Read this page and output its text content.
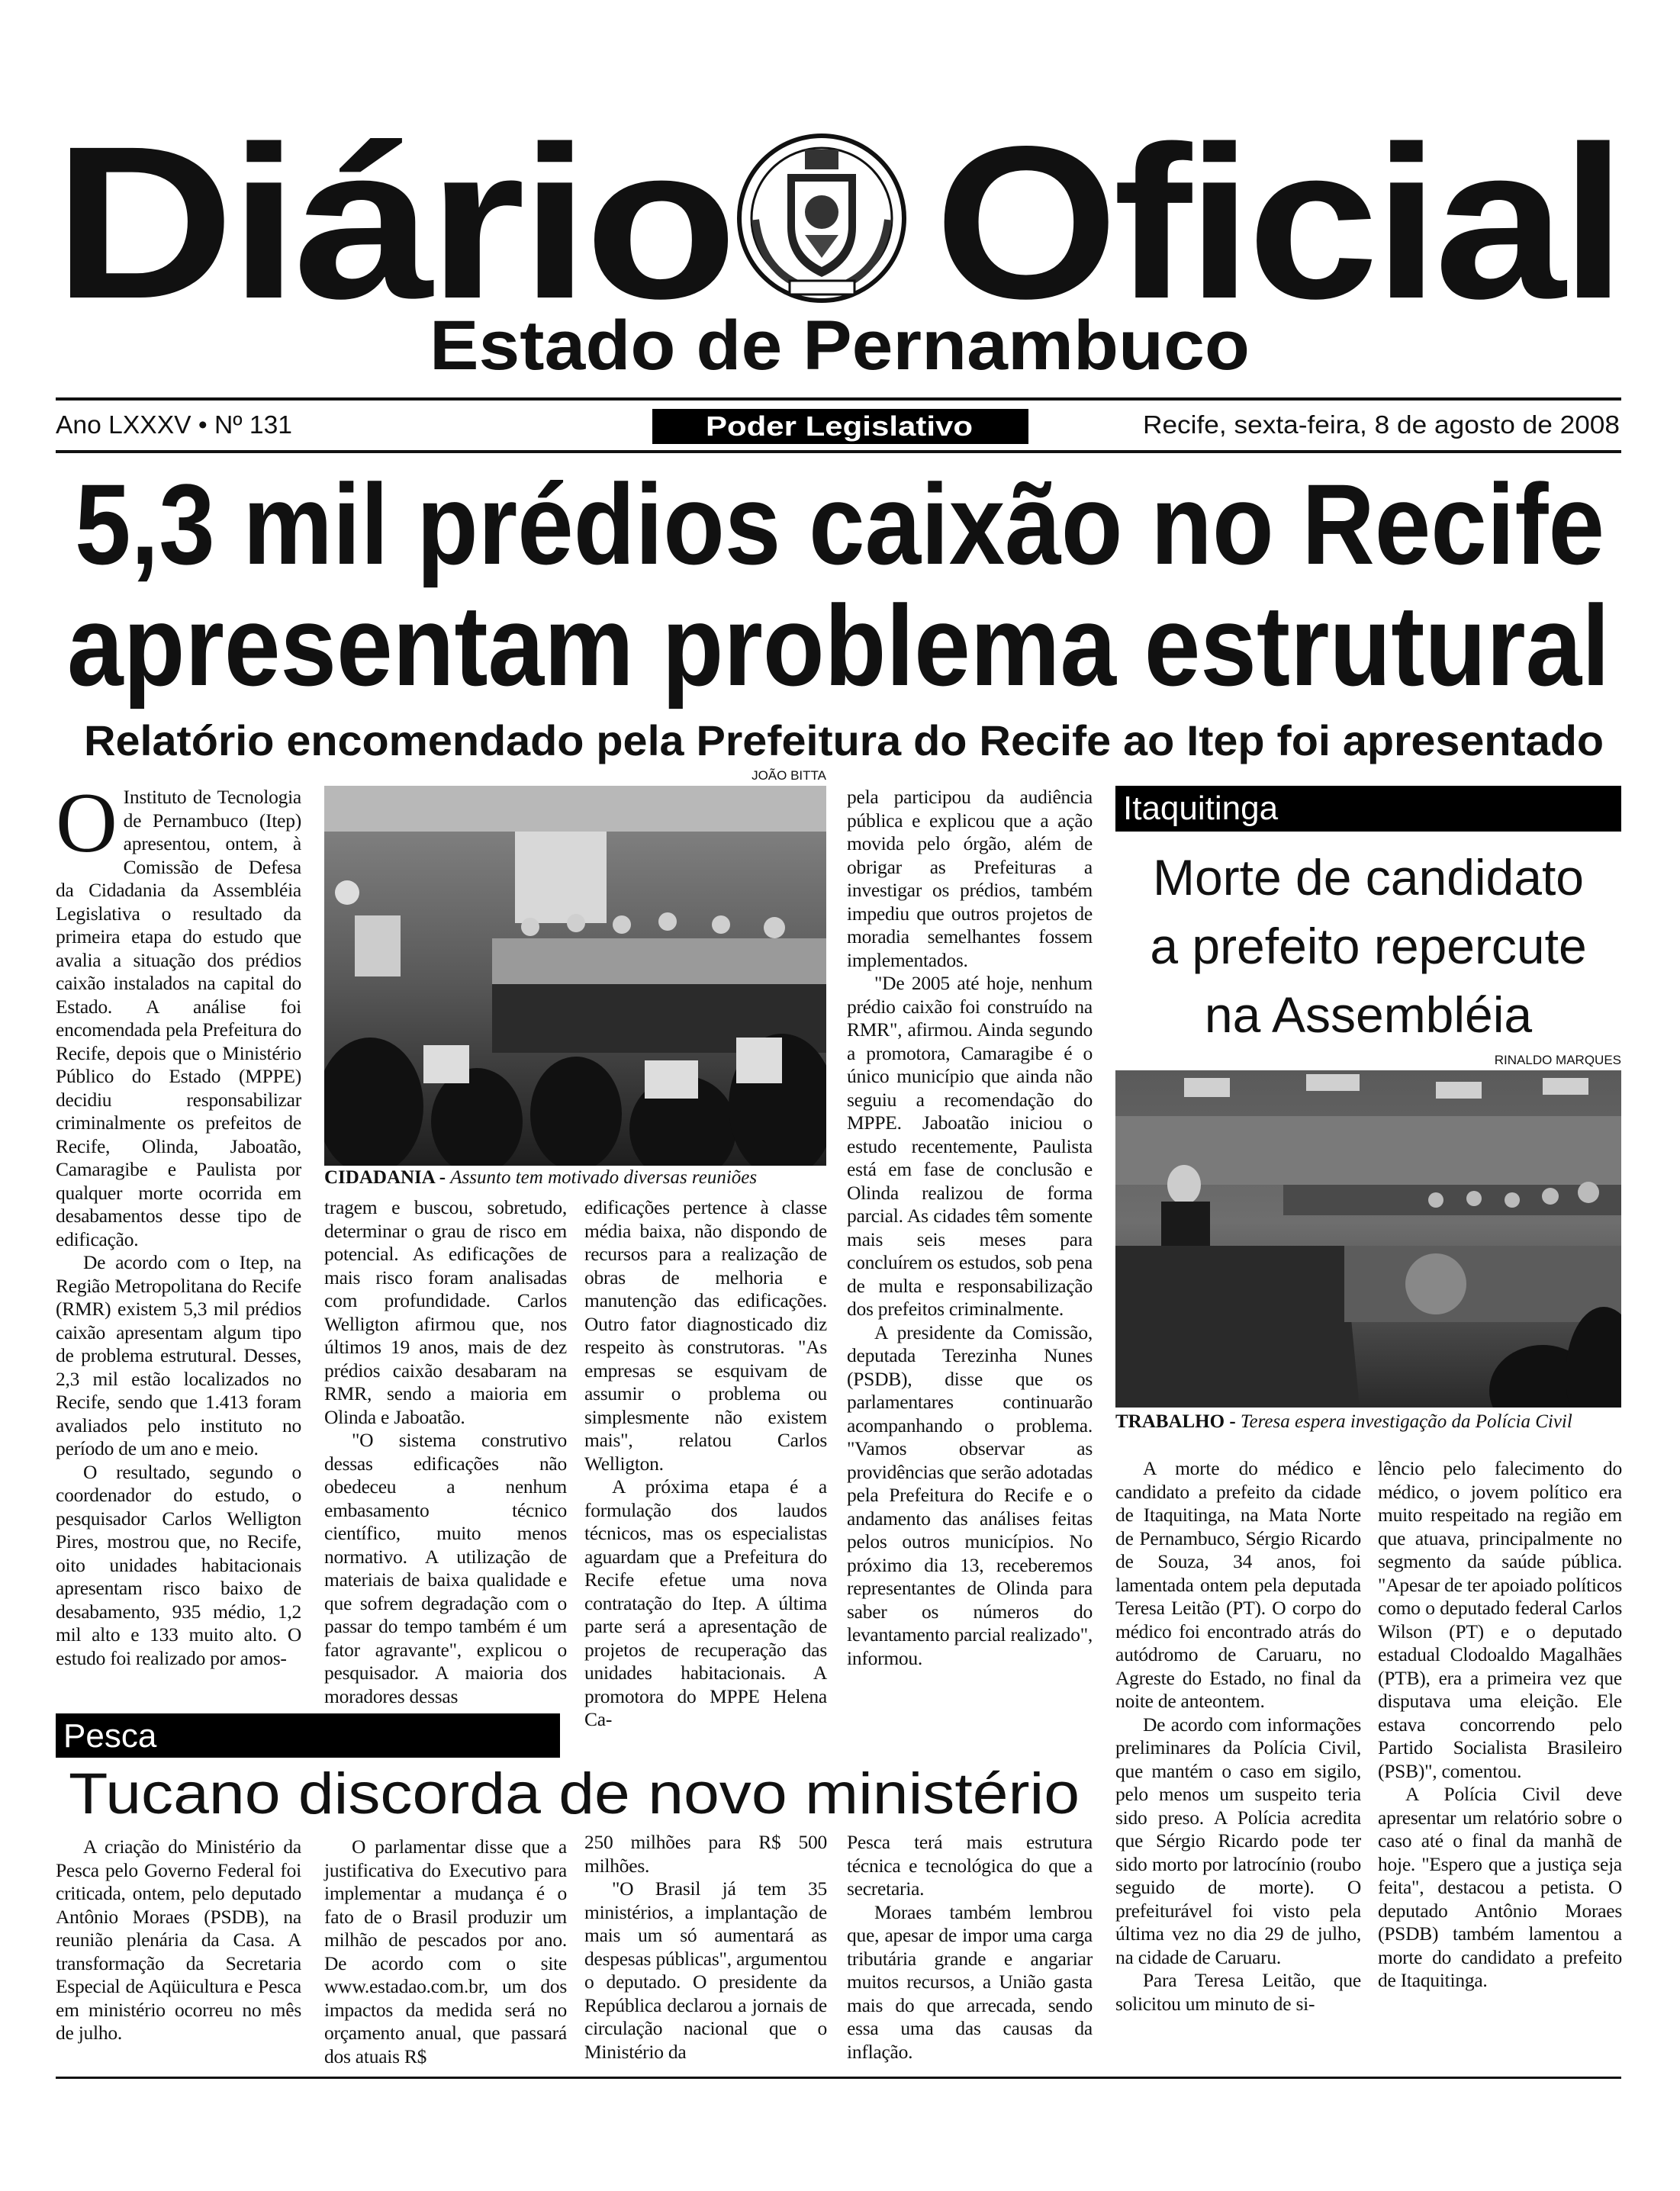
Diário Oficial
Estado de Pernambuco
Ano LXXXV • Nº 131	Poder Legislativo	Recife, sexta-feira, 8 de agosto de 2008
5,3 mil prédios caixão no Recife
apresentam problema estrutural
Relatório encomendado pela Prefeitura do Recife ao Itep foi apresentado
O Instituto de Tecnologia de Pernambuco (Itep) apresentou, ontem, à Comissão de Defesa da Cidadania da Assembléia Legislativa o resultado da primeira etapa do estudo que avalia a situação dos prédios caixão instalados na capital do Estado. A análise foi encomendada pela Prefeitura do Recife, depois que o Ministério Público do Estado (MPPE) decidiu responsabilizar criminalmente os prefeitos de Recife, Olinda, Jaboatão, Camaragibe e Paulista por qualquer morte ocorrida em desabamentos desse tipo de edificação.

De acordo com o Itep, na Região Metropolitana do Recife (RMR) existem 5,3 mil prédios caixão apresentam algum tipo de problema estrutural. Desses, 2,3 mil estão localizados no Recife, sendo que 1.413 foram avaliados pelo instituto no período de um ano e meio.

O resultado, segundo o coordenador do estudo, o pesquisador Carlos Welligton Pires, mostrou que, no Recife, oito unidades habitacionais apresentam risco baixo de desabamento, 935 médio, 1,2 mil alto e 133 muito alto. O estudo foi realizado por amos-

JOÃO BITTA
CIDADANIA - Assunto tem motivado diversas reuniões

tragem e buscou, sobretudo, determinar o grau de risco em potencial. As edificações de mais risco foram analisadas com profundidade. Carlos Welligton afirmou que, nos últimos 19 anos, mais de dez prédios caixão desabaram na RMR, sendo a maioria em Olinda e Jaboatão.

"O sistema construtivo dessas edificações não obedeceu a nenhum embasamento técnico científico, muito menos normativo. A utilização de materiais de baixa qualidade e que sofrem degradação com o passar do tempo também é um fator agravante", explicou o pesquisador. A maioria dos moradores dessas

edificações pertence à classe média baixa, não dispondo de recursos para a realização de obras de melhoria e manutenção das edificações. Outro fator diagnosticado diz respeito às construtoras. "As empresas se esquivam de assumir o problema ou simplesmente não existem mais", relatou Carlos Welligton.

A próxima etapa é a formulação dos laudos técnicos, mas os especialistas aguardam que a Prefeitura do Recife efetue uma nova contratação do Itep. A última parte será a apresentação de projetos de recuperação das unidades habitacionais. A promotora do MPPE Helena Ca-

pela participou da audiência pública e explicou que a ação movida pelo órgão, além de obrigar as Prefeituras a investigar os prédios, também impediu que outros projetos de moradia semelhantes fossem implementados.

"De 2005 até hoje, nenhum prédio caixão foi construído na RMR", afirmou. Ainda segundo a promotora, Camaragibe é o único município que ainda não seguiu a recomendação do MPPE. Jaboatão iniciou o estudo recentemente, Paulista está em fase de conclusão e Olinda realizou de forma parcial. As cidades têm somente mais seis meses para concluírem os estudos, sob pena de multa e responsabilização dos prefeitos criminalmente.

A presidente da Comissão, deputada Terezinha Nunes (PSDB), disse que os parlamentares continuarão acompanhando o problema. "Vamos observar as providências que serão adotadas pela Prefeitura do Recife e o andamento das análises feitas pelos outros municípios. No próximo dia 13, receberemos representantes de Olinda para saber os números do levantamento parcial realizado", informou.

Itaquitinga
Morte de candidato
a prefeito repercute
na Assembléia
RINALDO MARQUES
TRABALHO - Teresa espera investigação da Polícia Civil

A morte do médico e candidato a prefeito da cidade de Itaquitinga, na Mata Norte de Pernambuco, Sérgio Ricardo de Souza, 34 anos, foi lamentada ontem pela deputada Teresa Leitão (PT). O corpo do médico foi encontrado atrás do autódromo de Caruaru, no Agreste do Estado, no final da noite de anteontem.

De acordo com informações preliminares da Polícia Civil, que mantém o caso em sigilo, pelo menos um suspeito teria sido preso. A Polícia acredita que Sérgio Ricardo pode ter sido morto por latrocínio (roubo seguido de morte). O prefeiturável foi visto pela última vez no dia 29 de julho, na cidade de Caruaru.

Para Teresa Leitão, que solicitou um minuto de si-

lêncio pelo falecimento do médico, o jovem político era muito respeitado na região em que atuava, principalmente no segmento da saúde pública. "Apesar de ter apoiado políticos como o deputado federal Carlos Wilson (PT) e o deputado estadual Clodoaldo Magalhães (PTB), era a primeira vez que disputava uma eleição. Ele estava concorrendo pelo Partido Socialista Brasileiro (PSB)", comentou.

A Polícia Civil deve apresentar um relatório sobre o caso até o final da manhã de hoje. "Espero que a justiça seja feita", destacou a petista. O deputado Antônio Moraes (PSDB) também lamentou a morte do candidato a prefeito de Itaquitinga.

Pesca
Tucano discorda de novo ministério

A criação do Ministério da Pesca pelo Governo Federal foi criticada, ontem, pelo deputado Antônio Moraes (PSDB), na reunião plenária da Casa. A transformação da Secretaria Especial de Aqüicultura e Pesca em ministério ocorreu no mês de julho.

O parlamentar disse que a justificativa do Executivo para implementar a mudança é o fato de o Brasil produzir um milhão de pescados por ano. De acordo com o site www.estadao.com.br, um dos impactos da medida será no orçamento anual, que passará dos atuais R$

250 milhões para R$ 500 milhões.

"O Brasil já tem 35 ministérios, a implantação de mais um só aumentará as despesas públicas", argumentou o deputado. O presidente da República declarou a jornais de circulação nacional que o Ministério da

Pesca terá mais estrutura técnica e tecnológica do que a secretaria.

Moraes também lembrou que, apesar de impor uma carga tributária grande e angariar muitos recursos, a União gasta mais do que arrecada, sendo essa uma das causas da inflação.
